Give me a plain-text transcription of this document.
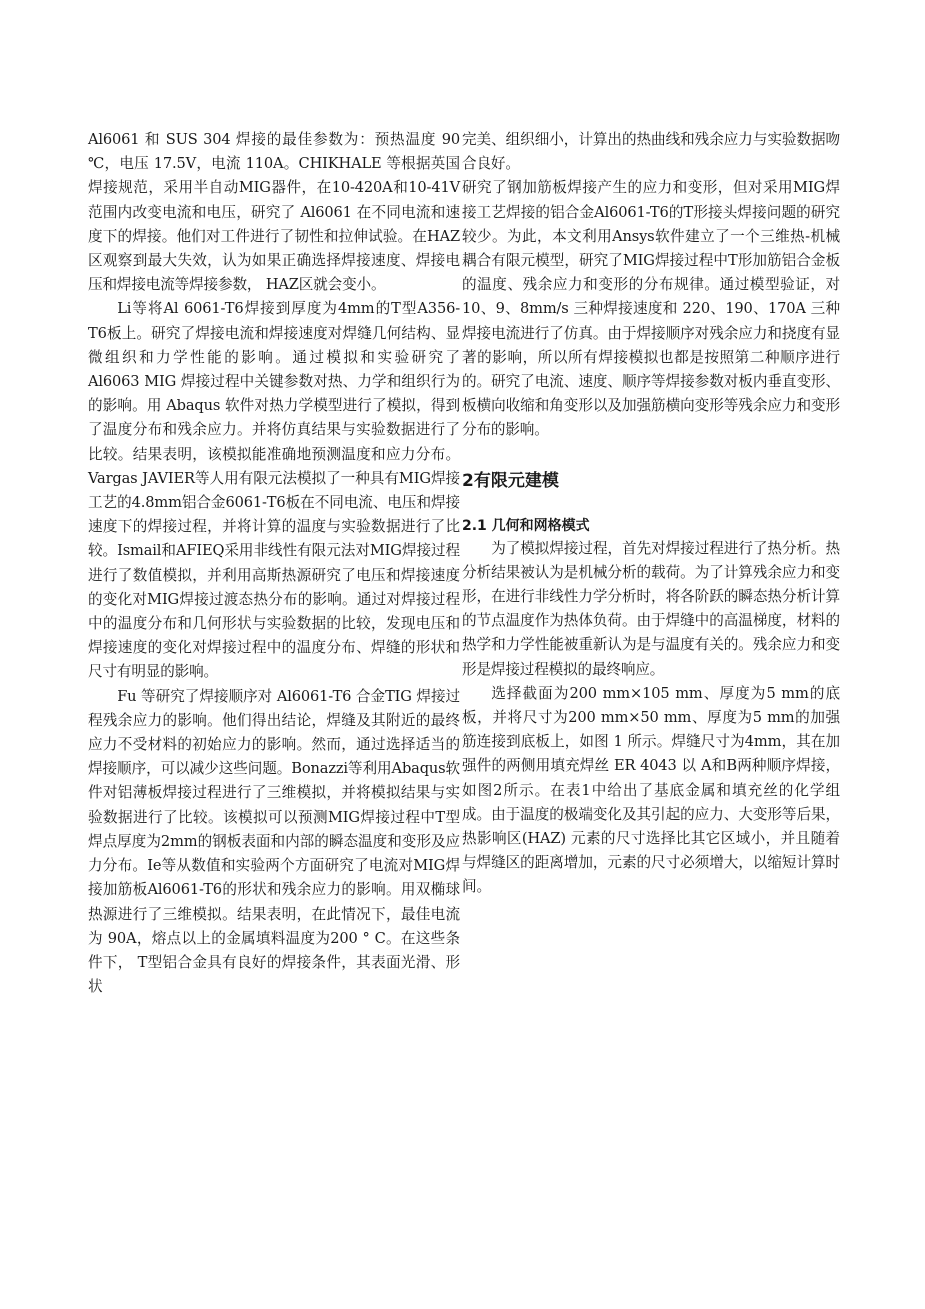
Al6061 和 SUS 304 焊接的最佳参数为：预热温度 90 ℃，电压 17.5V，电流 110A。CHIKHALE 等根据英国焊接规范，采用半自动MIG器件，在10-420A和10-41V范围内改变电流和电压，研究了 Al6061 在不同电流和速度下的焊接。他们对工件进行了韧性和拉伸试验。在HAZ区观察到最大失效，认为如果正确选择焊接速度、焊接电压和焊接电流等焊接参数， HAZ区就会变小。

Li等将Al 6061-T6焊接到厚度为4mm的T型A356-T6板上。研究了焊接电流和焊接速度对焊缝几何结构、显微组织和力学性能的影响。通过模拟和实验研究了 Al6063 MIG 焊接过程中关键参数对热、力学和组织行为的影响。用 Abaqus 软件对热力学模型进行了模拟，得到了温度分布和残余应力。并将仿真结果与实验数据进行了比较。结果表明，该模拟能准确地预测温度和应力分布。Vargas JAVIER等人用有限元法模拟了一种具有MIG焊接工艺的4.8mm铝合金6061-T6板在不同电流、电压和焊接速度下的焊接过程，并将计算的温度与实验数据进行了比较。Ismail和AFIEQ采用非线性有限元法对MIG焊接过程进行了数值模拟，并利用高斯热源研究了电压和焊接速度的变化对MIG焊接过渡态热分布的影响。通过对焊接过程中的温度分布和几何形状与实验数据的比较，发现电压和焊接速度的变化对焊接过程中的温度分布、焊缝的形状和尺寸有明显的影响。

Fu 等研究了焊接顺序对 Al6061-T6 合金TIG 焊接过程残余应力的影响。他们得出结论，焊缝及其附近的最终应力不受材料的初始应力的影响。然而，通过选择适当的焊接顺序，可以减少这些问题。Bonazzi等利用Abaqus软件对铝薄板焊接过程进行了三维模拟，并将模拟结果与实验数据进行了比较。该模拟可以预测MIG焊接过程中T型焊点厚度为2mm的钢板表面和内部的瞬态温度和变形及应力分布。Ie等从数值和实验两个方面研究了电流对MIG焊接加筋板Al6061-T6的形状和残余应力的影响。用双椭球热源进行了三维模拟。结果表明，在此情况下，最佳电流为 90A，熔点以上的金属填料温度为200 ° C。在这些条件下， T型铝合金具有良好的焊接条件，其表面光滑、形状

完美、组织细小，计算出的热曲线和残余应力与实验数据吻合良好。

研究了钢加筋板焊接产生的应力和变形，但对采用MIG焊接工艺焊接的铝合金Al6061-T6的T形接头焊接问题的研究较少。为此，本文利用Ansys软件建立了一个三维热-机械耦合有限元模型，研究了MIG焊接过程中T形加筋铝合金板的温度、残余应力和变形的分布规律。通过模型验证，对 10、9、8mm/s 三种焊接速度和 220、190、170A 三种焊接电流进行了仿真。由于焊接顺序对残余应力和挠度有显著的影响，所以所有焊接模拟也都是按照第二种顺序进行的。研究了电流、速度、顺序等焊接参数对板内垂直变形、板横向收缩和角变形以及加强筋横向变形等残余应力和变形分布的影响。

2有限元建模
2.1 几何和网格模式

为了模拟焊接过程，首先对焊接过程进行了热分析。热分析结果被认为是机械分析的载荷。为了计算残余应力和变形，在进行非线性力学分析时，将各阶跃的瞬态热分析计算的节点温度作为热体负荷。由于焊缝中的高温梯度，材料的热学和力学性能被重新认为是与温度有关的。残余应力和变形是焊接过程模拟的最终响应。

选择截面为200 mm×105 mm、厚度为5 mm的底板，并将尺寸为200 mm×50 mm、厚度为5 mm的加强筋连接到底板上，如图 1 所示。焊缝尺寸为4mm，其在加强件的两侧用填充焊丝 ER 4043 以 A和B两种顺序焊接，如图2所示。在表1中给出了基底金属和填充丝的化学组成。由于温度的极端变化及其引起的应力、大变形等后果，热影响区(HAZ) 元素的尺寸选择比其它区域小，并且随着与焊缝区的距离增加，元素的尺寸必须增大，以缩短计算时间。
